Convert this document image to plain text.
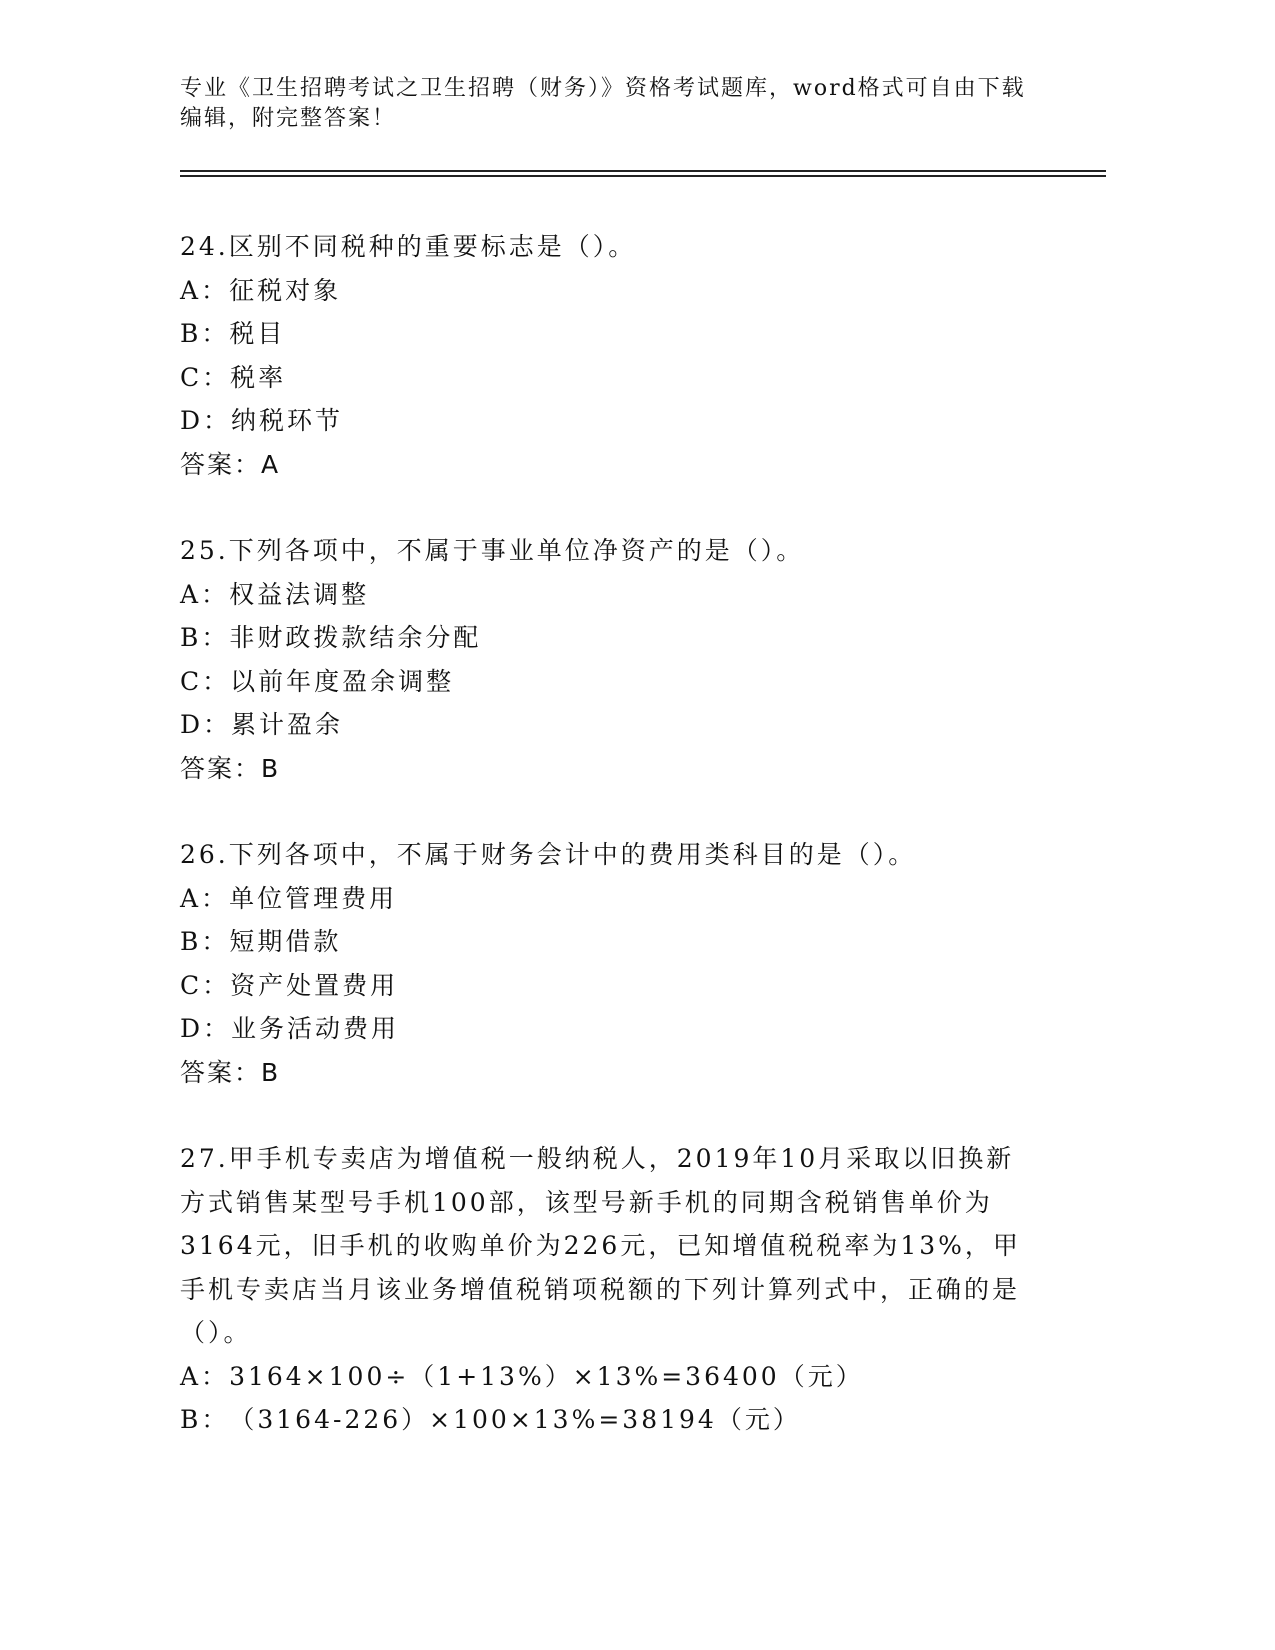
专业《卫生招聘考试之卫生招聘（财务）》资格考试题库，word格式可自由下载编辑，附完整答案！
24.区别不同税种的重要标志是（）。
A：征税对象
B：税目
C：税率
D：纳税环节
答案：A
25.下列各项中，不属于事业单位净资产的是（）。
A：权益法调整
B：非财政拨款结余分配
C：以前年度盈余调整
D：累计盈余
答案：B
26.下列各项中，不属于财务会计中的费用类科目的是（）。
A：单位管理费用
B：短期借款
C：资产处置费用
D：业务活动费用
答案：B
27.甲手机专卖店为增值税一般纳税人，2019年10月采取以旧换新方式销售某型号手机100部，该型号新手机的同期含税销售单价为3164元，旧手机的收购单价为226元，已知增值税税率为13%，甲手机专卖店当月该业务增值税销项税额的下列计算列式中，正确的是（）。
A：3164×100÷（1+13%）×13%=36400（元）
B：（3164-226）×100×13%=38194（元）
